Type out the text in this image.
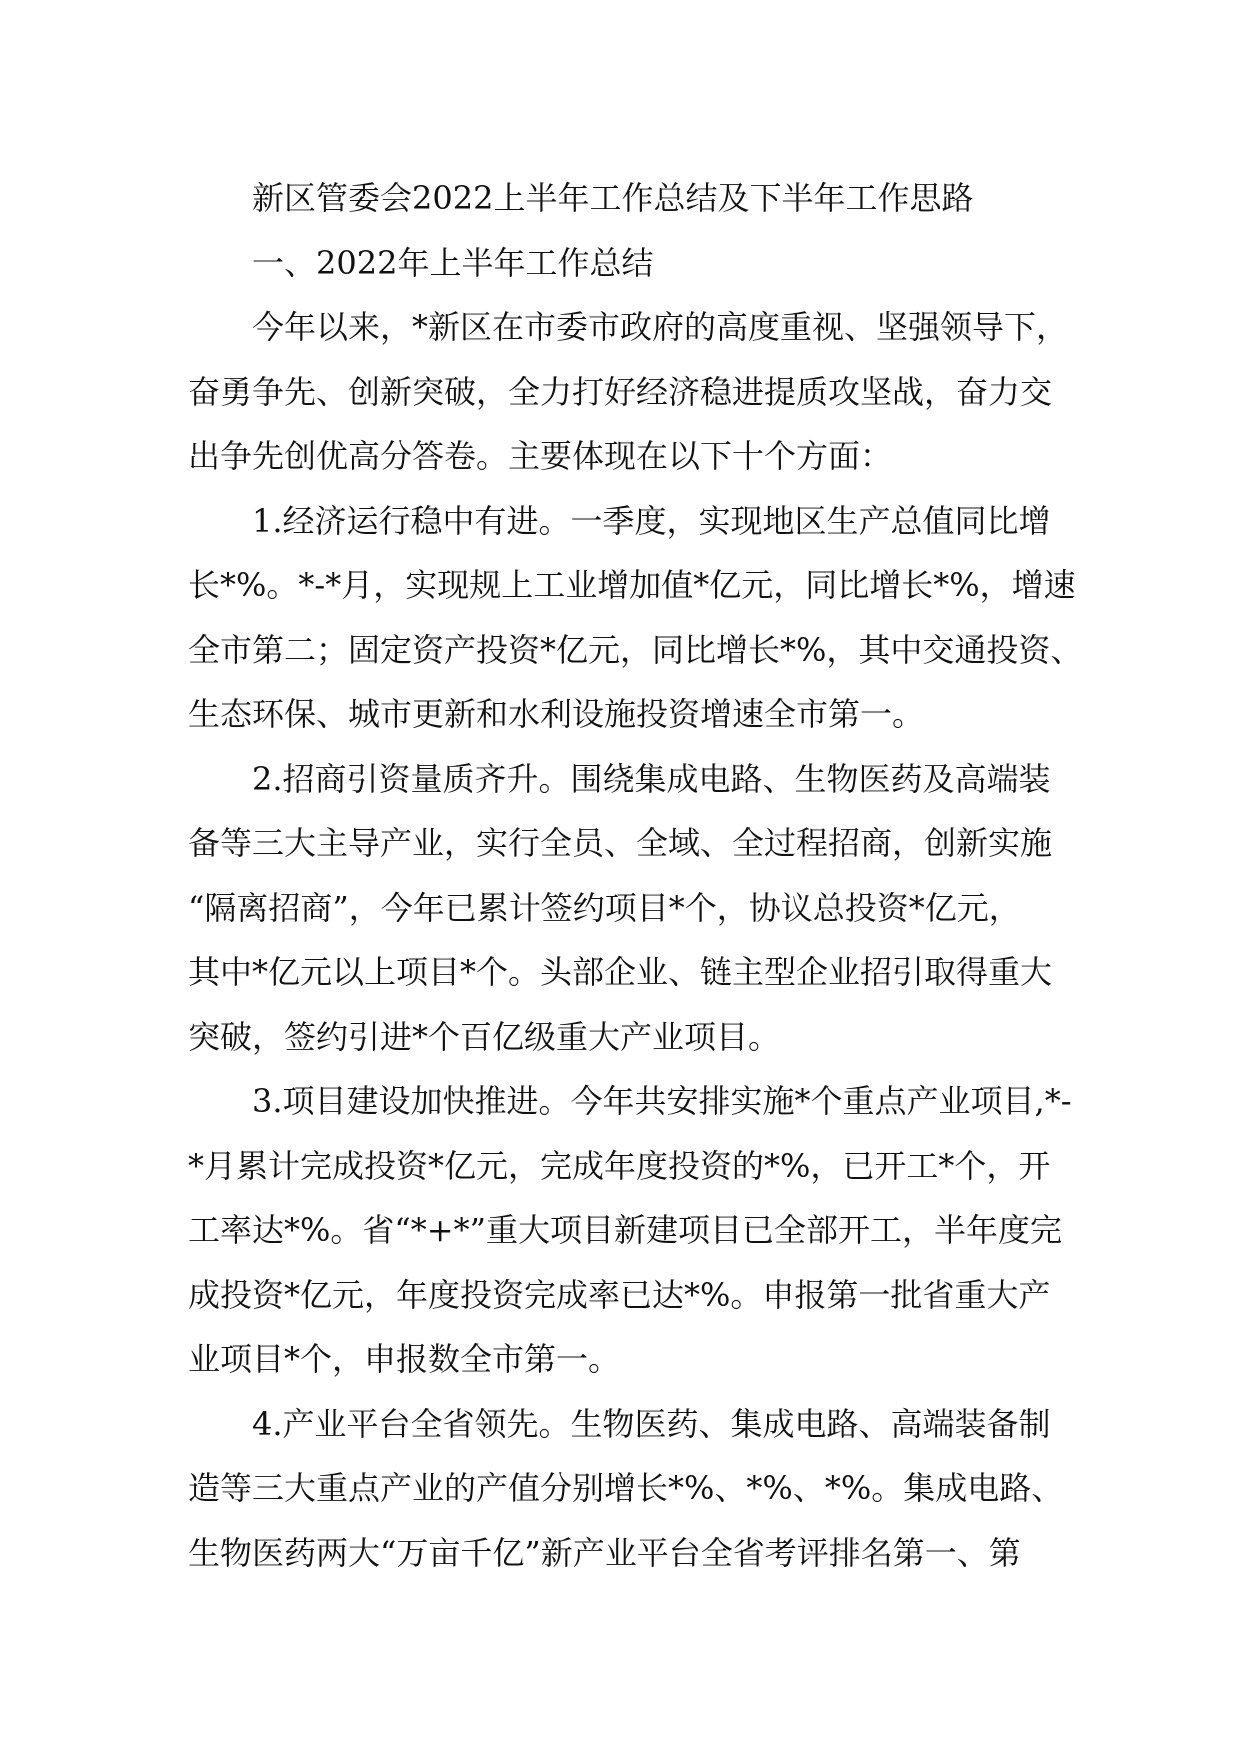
新区管委会2022上半年工作总结及下半年工作思路
一、2022年上半年工作总结
今年以来，*新区在市委市政府的高度重视、坚强领导下，
奋勇争先、创新突破，全力打好经济稳进提质攻坚战，奋力交
出争先创优高分答卷。主要体现在以下十个方面：
1.经济运行稳中有进。一季度，实现地区生产总值同比增
长*%。*-*月，实现规上工业增加值*亿元，同比增长*%，增速
全市第二；固定资产投资*亿元，同比增长*%，其中交通投资、
生态环保、城市更新和水利设施投资增速全市第一。
2.招商引资量质齐升。围绕集成电路、生物医药及高端装
备等三大主导产业，实行全员、全域、全过程招商，创新实施
“隔离招商”，今年已累计签约项目*个，协议总投资*亿元，
其中*亿元以上项目*个。头部企业、链主型企业招引取得重大
突破，签约引进*个百亿级重大产业项目。
3.项目建设加快推进。今年共安排实施*个重点产业项目,*-
*月累计完成投资*亿元，完成年度投资的*%，已开工*个，开
工率达*%。省“*+*”重大项目新建项目已全部开工，半年度完
成投资*亿元，年度投资完成率已达*%。申报第一批省重大产
业项目*个，申报数全市第一。
4.产业平台全省领先。生物医药、集成电路、高端装备制
造等三大重点产业的产值分别增长*%、*%、*%。集成电路、
生物医药两大“万亩千亿”新产业平台全省考评排名第一、第
